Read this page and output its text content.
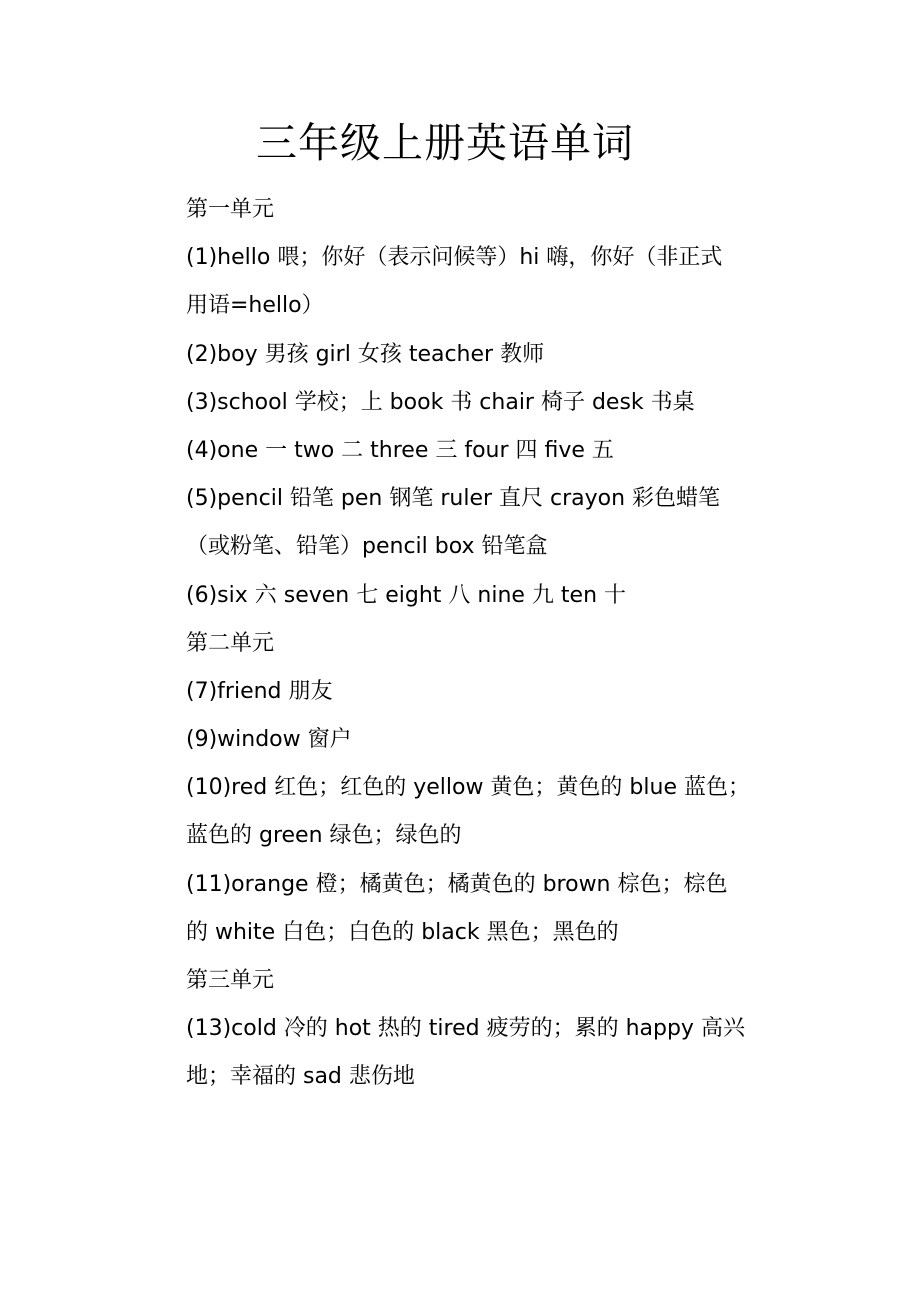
三年级上册英语单词
第一单元
(1)hello 喂；你好（表示问候等）hi 嗨，你好（非正式
用语=hello）
(2)boy 男孩 girl 女孩 teacher 教师
(3)school 学校；上 book 书 chair 椅子 desk 书桌
(4)one 一 two 二 three 三 four 四 five 五
(5)pencil 铅笔 pen 钢笔 ruler 直尺 crayon 彩色蜡笔
（或粉笔、铅笔）pencil box 铅笔盒
(6)six 六 seven 七 eight 八 nine 九 ten 十
第二单元
(7)friend 朋友
(9)window 窗户
(10)red 红色；红色的 yellow 黄色；黄色的 blue 蓝色；
蓝色的 green 绿色；绿色的
(11)orange 橙；橘黄色；橘黄色的 brown 棕色；棕色
的 white 白色；白色的 black 黑色；黑色的
第三单元
(13)cold 冷的 hot 热的 tired 疲劳的；累的 happy 高兴
地；幸福的 sad 悲伤地
